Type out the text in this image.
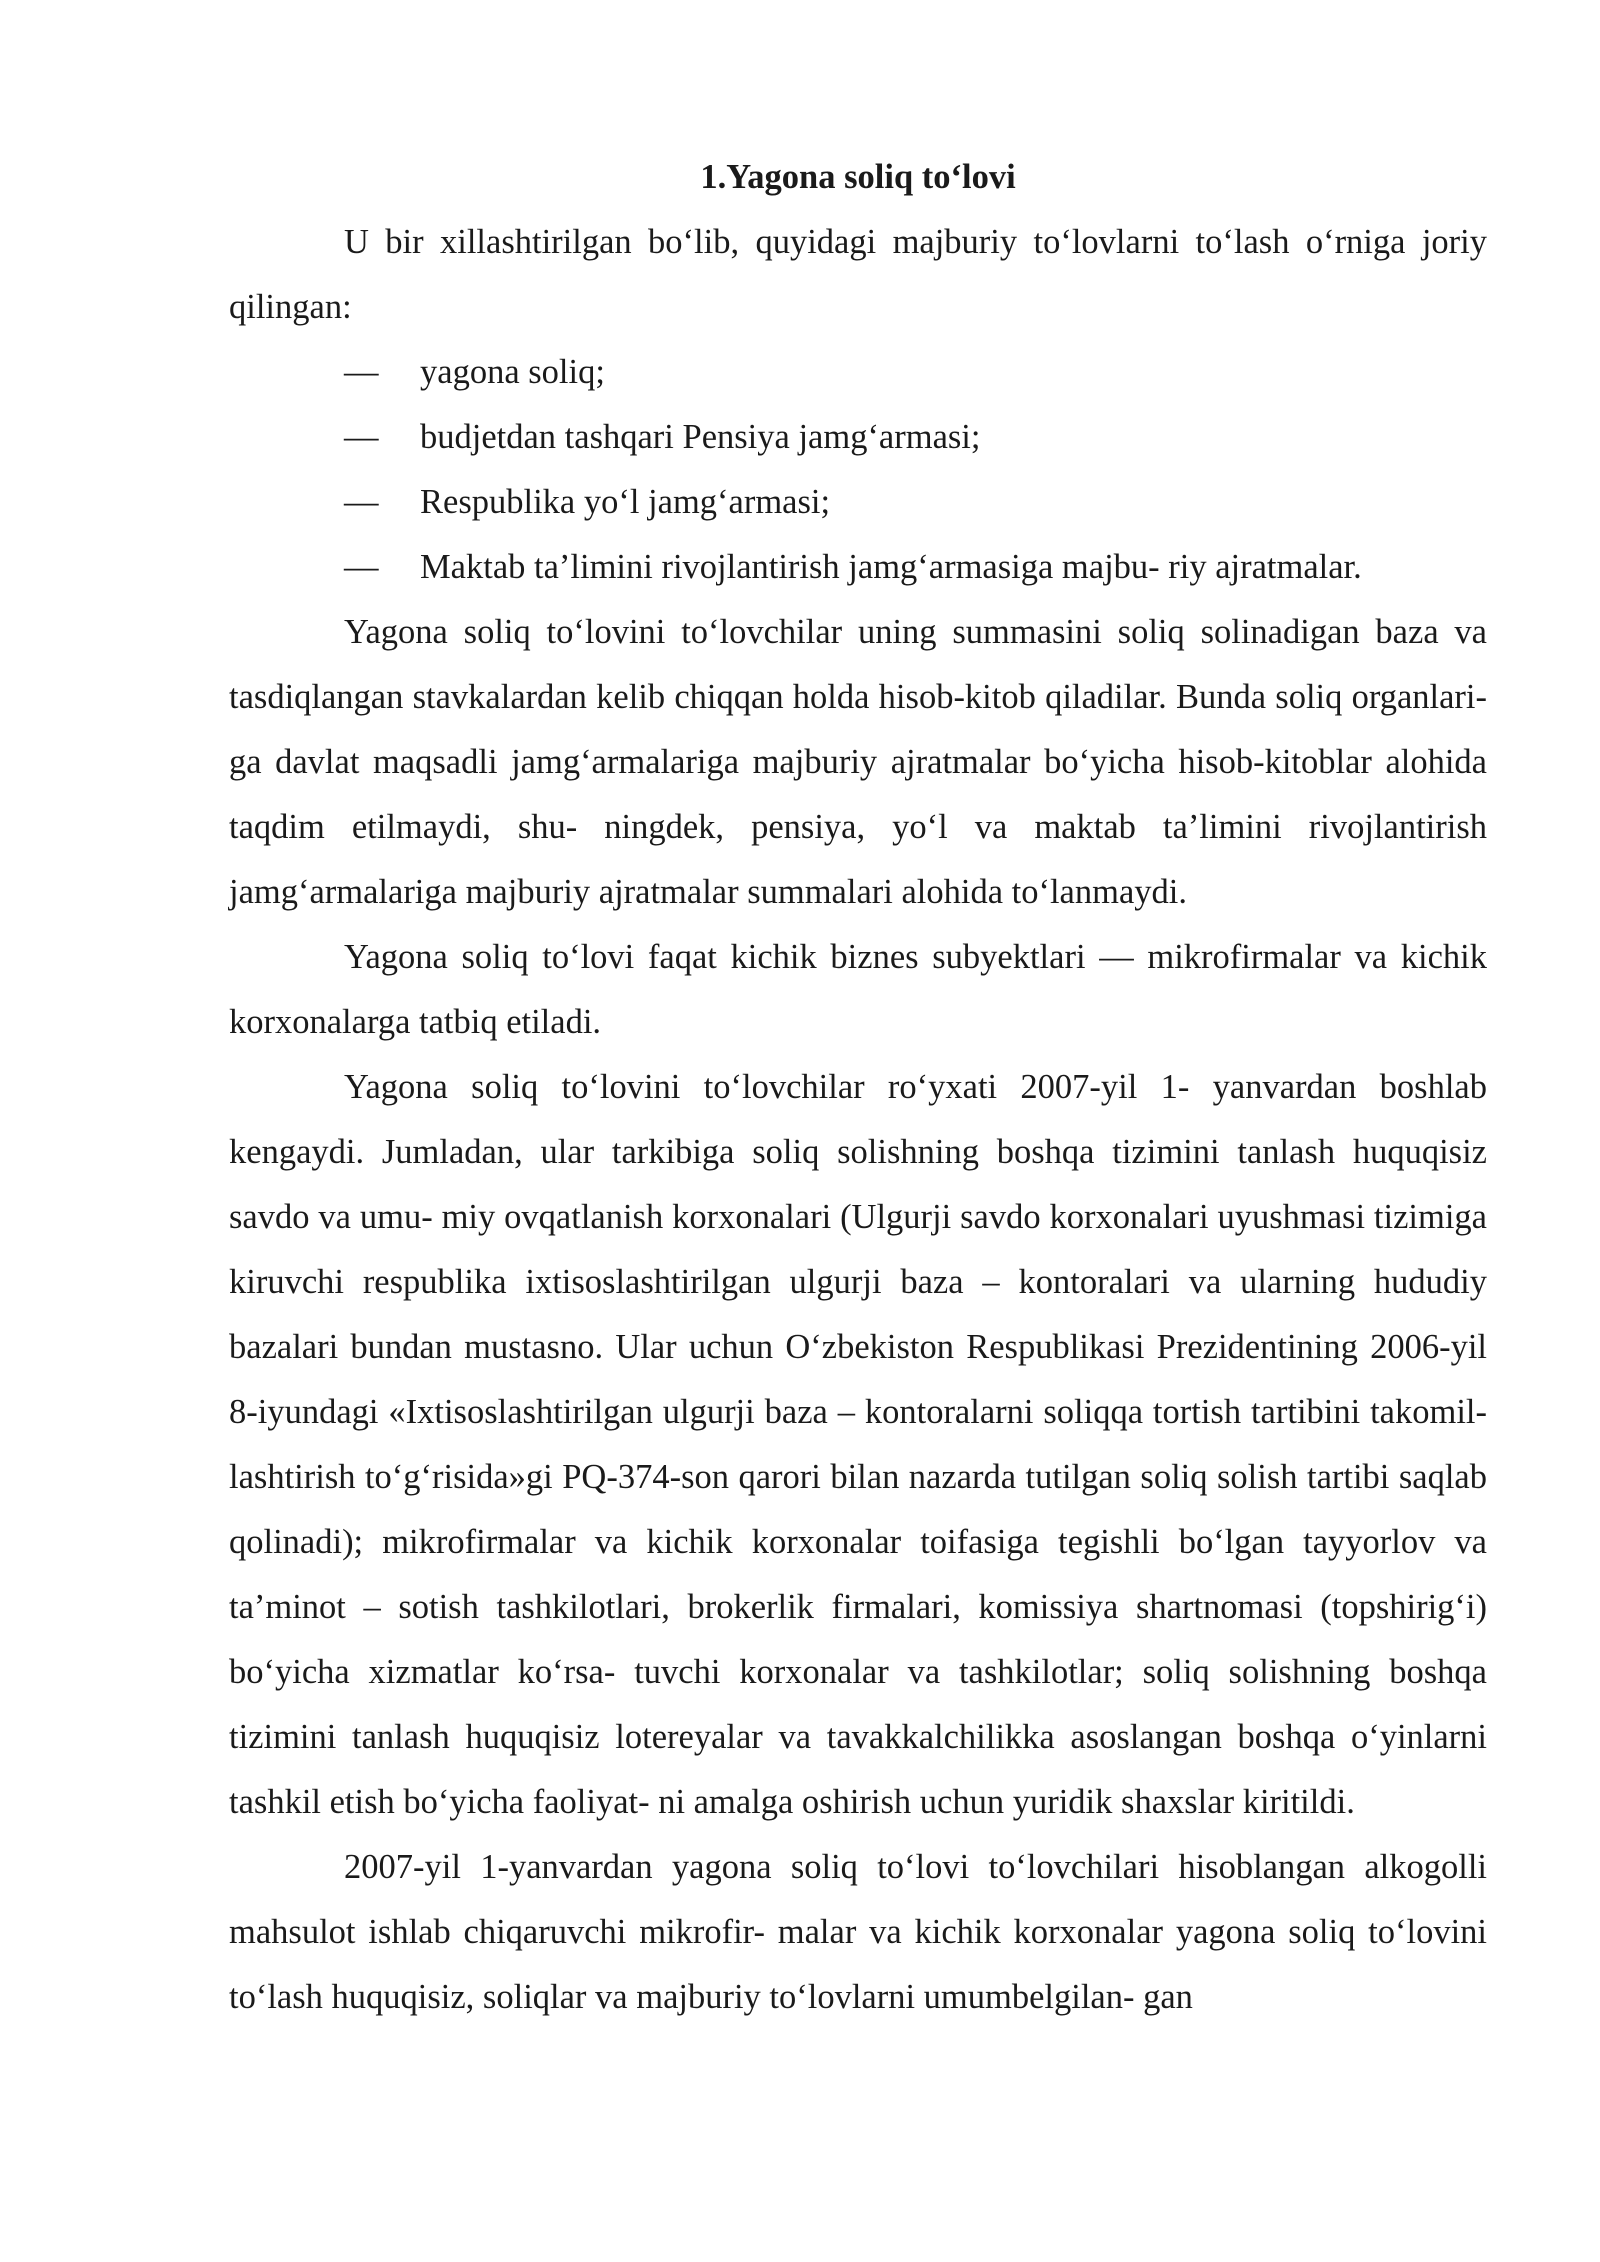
1.Yagona soliq to‘lovi

U bir xillashtirilgan bo‘lib, quyidagi majburiy to‘lovlarni to‘lash o‘rniga joriy qilingan:

— yagona soliq;
— budjetdan tashqari Pensiya jamg‘armasi;
— Respublika yo‘l jamg‘armasi;
— Maktab ta’limini rivojlantirish jamg‘armasiga majbu- riy ajratmalar.

Yagona soliq to‘lovini to‘lovchilar uning summasini soliq solinadigan baza va tasdiqlangan stavkalardan kelib chiqqan holda hisob-kitob qiladilar. Bunda soliq organlari- ga davlat maqsadli jamg‘armalariga majburiy ajratmalar bo‘yicha hisob-kitoblar alohida taqdim etilmaydi, shu- ningdek, pensiya, yo‘l va maktab ta’limini rivojlantirish jamg‘armalariga majburiy ajratmalar summalari alohida to‘lanmaydi.

Yagona soliq to‘lovi faqat kichik biznes subyektlari — mikrofirmalar va kichik korxonalarga tatbiq etiladi.

Yagona soliq to‘lovini to‘lovchilar ro‘yxati 2007-yil 1- yanvardan boshlab kengaydi. Jumladan, ular tarkibiga soliq solishning boshqa tizimini tanlash huquqisiz savdo va umu- miy ovqatlanish korxonalari (Ulgurji savdo korxonalari uyushmasi tizimiga kiruvchi respublika ixtisoslashtirilgan ulgurji baza – kontoralari va ularning hududiy bazalari bundan mustasno. Ular uchun O‘zbekiston Respublikasi Prezidentining 2006-yil 8-iyundagi «Ixtisoslashtirilgan ulgurji baza – kontoralarni soliqqa tortish tartibini takomil- lashtirish to‘g‘risida»gi PQ-374-son qarori bilan nazarda tutilgan soliq solish tartibi saqlab qolinadi); mikrofirmalar va kichik korxonalar toifasiga tegishli bo‘lgan tayyorlov va ta’minot – sotish tashkilotlari, brokerlik firmalari, komissiya shartnomasi (topshirig‘i) bo‘yicha xizmatlar ko‘rsa- tuvchi korxonalar va tashkilotlar; soliq solishning boshqa tizimini tanlash huquqisiz lotereyalar va tavakkalchilikka asoslangan boshqa o‘yinlarni tashkil etish bo‘yicha faoliyat- ni amalga oshirish uchun yuridik shaxslar kiritildi.

2007-yil 1-yanvardan yagona soliq to‘lovi to‘lovchilari hisoblangan alkogolli mahsulot ishlab chiqaruvchi mikrofir- malar va kichik korxonalar yagona soliq to‘lovini to‘lash huquqisiz, soliqlar va majburiy to‘lovlarni umumbelgilan- gan
